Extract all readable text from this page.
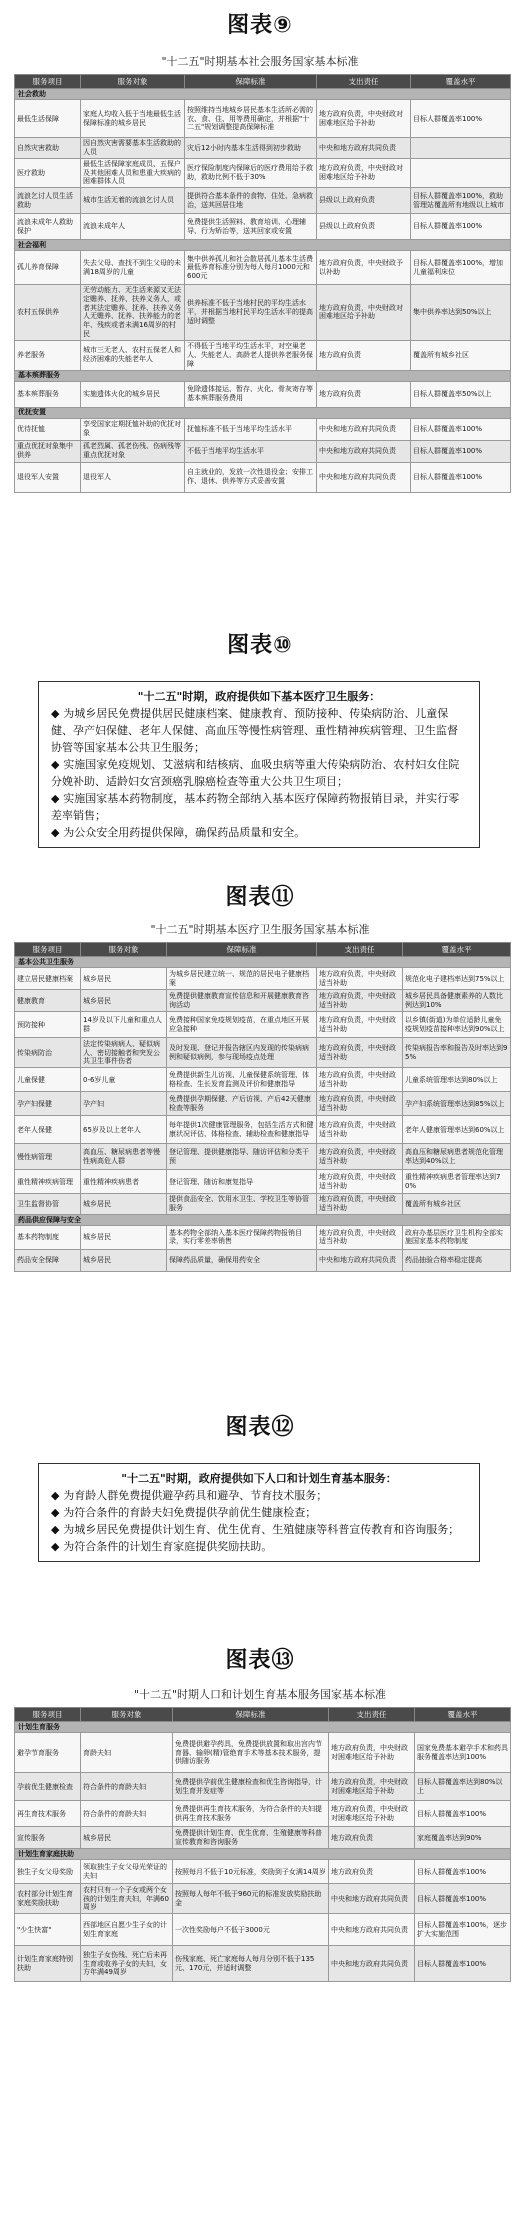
图表⑨
"十二五"时期基本社会服务国家基本标准
服务项目	服务对象	保障标准	支出责任	覆盖水平
社会救助				
最低生活保障	家庭人均收入低于当地最低生活保障标准的城乡居民	按照维持当地城乡居民基本生活所必需的衣、食、住、用等费用确定，并根据"十二五"规划调整提高保障标准	地方政府负责，中央财政对困难地区给予补助	目标人群覆盖率100%
自然灾害救助	因自然灾害需要基本生活救助的人员	灾后12小时内基本生活得到初步救助	中央和地方政府共同负责	
医疗救助	最低生活保障家庭成员、五保户及其他困难人员和患重大疾病的困难群体人员	医疗保险制度内保障后的医疗费用给予救助，救助比例不低于30%	地方政府负责，中央财政对困难地区给予补助	
流浪乞讨人员生活救助	城市生活无着的流浪乞讨人员	提供符合基本条件的食物、住处、急病救治，送其回居住地	县级以上政府负责	目标人群覆盖率100%，救助管理站覆盖所有地级以上城市
流浪未成年人救助保护	流浪未成年人	免费提供生活照料、教育培训、心理辅导、行为矫治等，送其回家或安置	县级以上政府负责	目标人群覆盖率100%
社会福利				
孤儿养育保障	失去父母、查找不到生父母的未满18周岁的儿童	集中供养孤儿和社会散居孤儿基本生活费最低养育标准分别为每人每月1000元和600元	地方政府负责，中央财政予以补助	目标人群覆盖率100%，增加儿童福利床位
农村五保供养	无劳动能力、无生活来源又无法定赡养、抚养、扶养义务人，或者其法定赡养、抚养、扶养义务人无赡养、抚养、扶养能力的老年、残疾或者未满16周岁的村民	供养标准不低于当地村民的平均生活水平，并根据当地村民平均生活水平的提高适时调整	地方政府负责，中央财政对困难地区给予补助	集中供养率达到50%以上
养老服务	城市三无老人、农村五保老人和经济困难的失能老年人	不得低于当地平均生活水平，对空巢老人、失能老人、高龄老人提供养老服务保障	地方政府负责	覆盖所有城乡社区
基本殡葬服务				
基本殡葬服务	实施遗体火化的城乡居民	免除遗体接运、暂存、火化、骨灰寄存等基本殡葬服务费用	地方政府负责	目标人群覆盖率50%以上
优抚安置				
优待抚恤	享受国家定期抚恤补助的优抚对象	抚恤标准不低于当地平均生活水平	中央和地方政府共同负责	目标人群覆盖率100%
重点优抚对象集中供养	孤老烈属、孤老伤残、伤病残等重点优抚对象	不低于当地平均生活水平	中央和地方政府共同负责	目标人群覆盖率100%
退役军人安置	退役军人	自主就业的，发放一次性退役金；安排工作、退休、供养等方式妥善安置	中央和地方政府共同负责	目标人群覆盖率100%
图表⑩

"十二五"时期，政府提供如下基本医疗卫生服务：

◆ 为城乡居民免费提供居民健康档案、健康教育、预防接种、传染病防治、儿童保健、孕产妇保健、老年人保健、高血压等慢性病管理、重性精神疾病管理、卫生监督协管等国家基本公共卫生服务；

◆ 实施国家免疫规划、艾滋病和结核病、血吸虫病等重大传染病防治、农村妇女住院分娩补助、适龄妇女宫颈癌乳腺癌检查等重大公共卫生项目；

◆ 实施国家基本药物制度，基本药物全部纳入基本医疗保障药物报销目录，并实行零差率销售；

◆ 为公众安全用药提供保障，确保药品质量和安全。

图表⑪
"十二五"时期基本医疗卫生服务国家基本标准
服务项目	服务对象	保障标准	支出责任	覆盖水平
基本公共卫生服务				
建立居民健康档案	城乡居民	为城乡居民建立统一、规范的居民电子健康档案	地方政府负责，中央财政适当补助	规范化电子建档率达到75%以上
健康教育	城乡居民	免费提供健康教育宣传信息和开展健康教育咨询活动	地方政府负责，中央财政适当补助	城乡居民具备健康素养的人数比例达到10%
预防接种	14岁及以下儿童和重点人群	免费接种国家免疫规划疫苗，在重点地区开展应急接种	地方政府负责，中央财政适当补助	以乡镇(街道)为单位适龄儿童免疫规划疫苗接种率达到90%以上
传染病防治	法定传染病病人、疑似病人、密切接触者和突发公共卫生事件伤者	及时发现、登记并报告辖区内发现的传染病病例和疑似病例，参与现场疫点处理	地方政府负责，中央财政适当补助	传染病报告率和报告及时率达到95%
儿童保健	0-6岁儿童	免费提供新生儿访视、儿童保健系统管理、体格检查、生长发育监测及评价和健康指导	地方政府负责，中央财政适当补助	儿童系统管理率达到80%以上
孕产妇保健	孕产妇	免费提供孕期保健、产后访视、产后42天健康检查等服务	地方政府负责，中央财政适当补助	孕产妇系统管理率达到85%以上
老年人保健	65岁及以上老年人	每年提供1次健康管理服务，包括生活方式和健康状况评估、体格检查、辅助检查和健康指导	地方政府负责，中央财政适当补助	老年人健康管理率达到60%以上
慢性病管理	高血压、糖尿病患者等慢性病高危人群	登记管理、提供健康指导、随访评估和分类干预	地方政府负责，中央财政适当补助	高血压和糖尿病患者规范化管理率达到40%以上
重性精神疾病管理	重性精神疾病患者	登记管理、随访和康复指导	地方政府负责，中央财政适当补助	重性精神疾病患者管理率达到70%
卫生监督协管	城乡居民	提供食品安全、饮用水卫生、学校卫生等协管服务	地方政府负责，中央财政适当补助	覆盖所有城乡社区
药品供应保障与安全				
基本药物制度	城乡居民	基本药物全部纳入基本医疗保障药物报销目录，实行零差率销售	地方政府负责，中央财政适当补助	政府办基层医疗卫生机构全部实施国家基本药物制度
药品安全保障	城乡居民	保障药品质量，确保用药安全	中央和地方政府共同负责	药品抽验合格率稳定提高
图表⑫

"十二五"时期，政府提供如下人口和计划生育基本服务：

◆ 为育龄人群免费提供避孕药具和避孕、节育技术服务；

◆ 为符合条件的育龄夫妇免费提供孕前优生健康检查；

◆ 为城乡居民免费提供计划生育、优生优育、生殖健康等科普宣传教育和咨询服务；

◆ 为符合条件的计划生育家庭提供奖励扶助。

图表⑬
"十二五"时期人口和计划生育基本服务国家基本标准
服务项目	服务对象	保障标准	支出责任	覆盖水平
计划生育服务				
避孕节育服务	育龄夫妇	免费提供避孕药具，免费提供放置和取出宫内节育器、输卵(精)管绝育手术等基本技术服务，提供随访服务	地方政府负责，中央财政对困难地区给予补助	国家免费基本避孕手术和药具服务覆盖率达到100%
孕前优生健康检查	符合条件的育龄夫妇	免费提供孕前优生健康检查和优生咨询指导，计划生育并发症等	地方政府负责，中央财政对困难地区给予补助	目标人群覆盖率达到80%以上
再生育技术服务	符合条件的育龄夫妇	免费提供再生育技术服务，为符合条件的夫妇提供再生育技术服务	地方政府负责，中央财政对困难地区给予补助	目标人群覆盖率100%
宣传服务	城乡居民	免费提供计划生育、优生优育、生殖健康等科普宣传教育和咨询服务	地方政府负责	家庭覆盖率达到90%
计划生育家庭扶助				
独生子女父母奖励	领取独生子女父母光荣证的夫妇	按照每月不低于10元标准，奖励到子女满14周岁	地方政府负责	目标人群覆盖率100%
农村部分计划生育家庭奖励扶助	农村只有一个子女或两个女孩的计划生育夫妇，年满60周岁	按照每人每年不低于960元的标准发放奖励扶助金	中央和地方政府共同负责	目标人群覆盖率100%
"少生快富"	西部地区自愿少生子女的计划生育家庭	一次性奖励每户不低于3000元	中央和地方政府共同负责	目标人群覆盖率100%，逐步扩大实施范围
计划生育家庭特别扶助	独生子女伤残、死亡后未再生育或收养子女的夫妇，女方年满49周岁	伤残家庭、死亡家庭每人每月分别不低于135元、170元，并适时调整	中央和地方政府共同负责	目标人群覆盖率100%
